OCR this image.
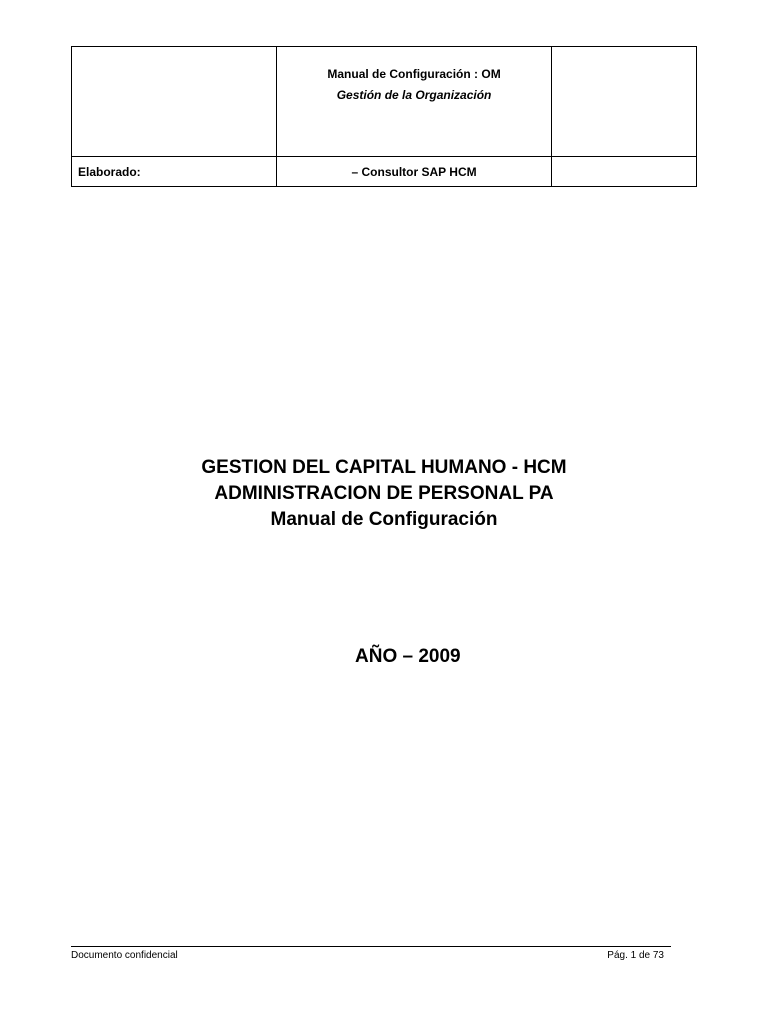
	Manual de Configuración : OM
Gestión de la Organización	

Elaborado:	– Consultor SAP HCM	
GESTION DEL CAPITAL HUMANO - HCM
ADMINISTRACION DE PERSONAL PA
Manual de Configuración
AÑO – 2009
Documento confidencial	Pág. 1 de 73
